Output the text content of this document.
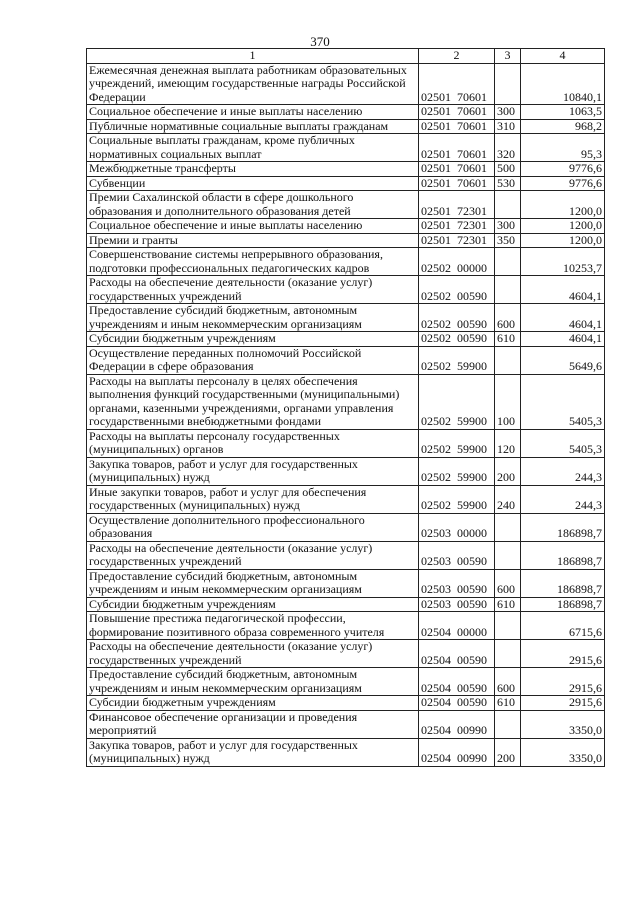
370
1	2	3	4
Ежемесячная денежная выплата работникам образовательных учреждений, имеющим государственные награды Российской Федерации	02501  70601		10840,1
Социальное обеспечение и иные выплаты населению	02501  70601	300	1063,5
Публичные нормативные социальные выплаты гражданам	02501  70601	310	968,2
Социальные выплаты гражданам, кроме публичных нормативных социальных выплат	02501  70601	320	95,3
Межбюджетные трансферты	02501  70601	500	9776,6
Субвенции	02501  70601	530	9776,6
Премии Сахалинской области в сфере дошкольного образования и дополнительного образования детей	02501  72301		1200,0
Социальное обеспечение и иные выплаты населению	02501  72301	300	1200,0
Премии и гранты	02501  72301	350	1200,0
Совершенствование системы непрерывного образования, подготовки профессиональных педагогических кадров	02502  00000		10253,7
Расходы на обеспечение деятельности (оказание услуг) государственных учреждений	02502  00590		4604,1
Предоставление субсидий бюджетным, автономным учреждениям и иным некоммерческим организациям	02502  00590	600	4604,1
Субсидии бюджетным учреждениям	02502  00590	610	4604,1
Осуществление переданных полномочий Российской Федерации в сфере образования	02502  59900		5649,6
Расходы на выплаты персоналу в целях обеспечения выполнения функций государственными (муниципальными) органами, казенными учреждениями, органами управления государственными внебюджетными фондами	02502  59900	100	5405,3
Расходы на выплаты персоналу государственных (муниципальных) органов	02502  59900	120	5405,3
Закупка товаров, работ и услуг для государственных (муниципальных) нужд	02502  59900	200	244,3
Иные закупки товаров, работ и услуг для обеспечения государственных (муниципальных) нужд	02502  59900	240	244,3
Осуществление дополнительного профессионального образования	02503  00000		186898,7
Расходы на обеспечение деятельности (оказание услуг) государственных учреждений	02503  00590		186898,7
Предоставление субсидий бюджетным, автономным учреждениям и иным некоммерческим организациям	02503  00590	600	186898,7
Субсидии бюджетным учреждениям	02503  00590	610	186898,7
Повышение престижа педагогической профессии, формирование позитивного образа современного учителя	02504  00000		6715,6
Расходы на обеспечение деятельности (оказание услуг) государственных учреждений	02504  00590		2915,6
Предоставление субсидий бюджетным, автономным учреждениям и иным некоммерческим организациям	02504  00590	600	2915,6
Субсидии бюджетным учреждениям	02504  00590	610	2915,6
Финансовое обеспечение организации и проведения мероприятий	02504  00990		3350,0
Закупка товаров, работ и услуг для государственных (муниципальных) нужд	02504  00990	200	3350,0
